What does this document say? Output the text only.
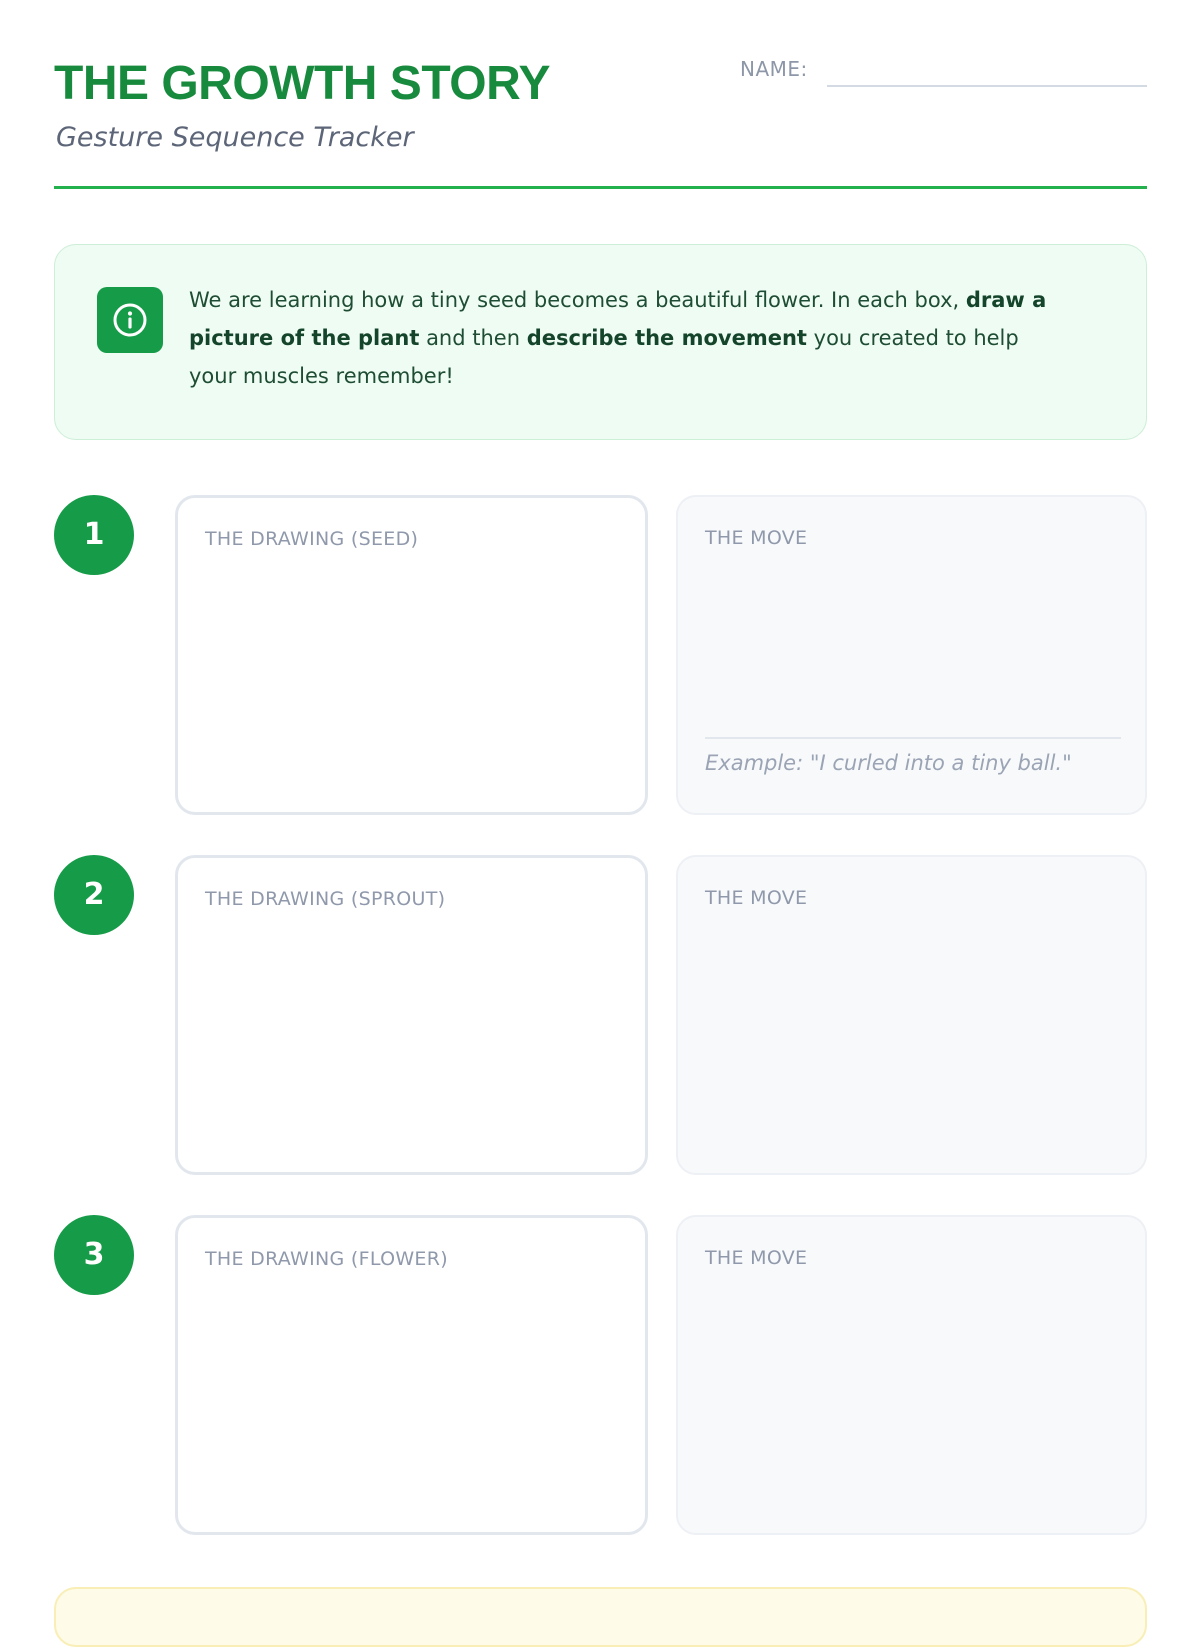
THE GROWTH STORY
Gesture Sequence Tracker
NAME:
We are learning how a tiny seed becomes a beautiful flower. In each box, draw a picture of the plant and then describe the movement you created to help your muscles remember!
1	THE DRAWING (SEED)	THE MOVE
Example: "I curled into a tiny ball."
2	THE DRAWING (SPROUT)	THE MOVE
3	THE DRAWING (FLOWER)	THE MOVE
